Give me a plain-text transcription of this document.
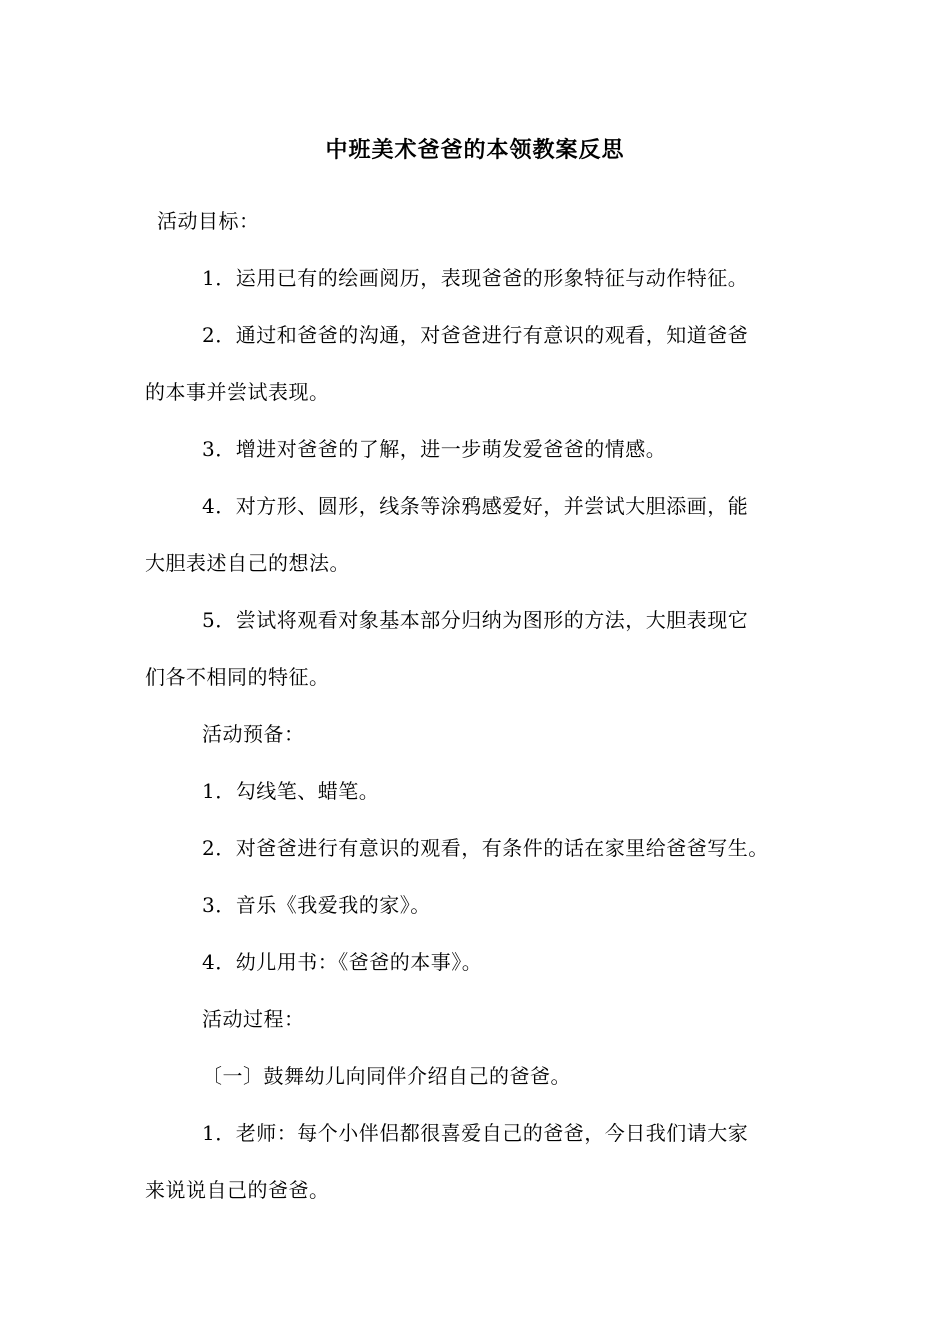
中班美术爸爸的本领教案反思
活动目标：
1．运用已有的绘画阅历，表现爸爸的形象特征与动作特征。
2．通过和爸爸的沟通，对爸爸进行有意识的观看，知道爸爸
的本事并尝试表现。
3．增进对爸爸的了解，进一步萌发爱爸爸的情感。
4．对方形、圆形，线条等涂鸦感爱好，并尝试大胆添画，能
大胆表述自己的想法。
5．尝试将观看对象基本部分归纳为图形的方法，大胆表现它
们各不相同的特征。
活动预备：
1．勾线笔、蜡笔。
2．对爸爸进行有意识的观看，有条件的话在家里给爸爸写生。
3．音乐《我爱我的家》。
4．幼儿用书：《爸爸的本事》。
活动过程：
〔一〕鼓舞幼儿向同伴介绍自己的爸爸。
1．老师：每个小伴侣都很喜爱自己的爸爸，今日我们请大家
来说说自己的爸爸。
